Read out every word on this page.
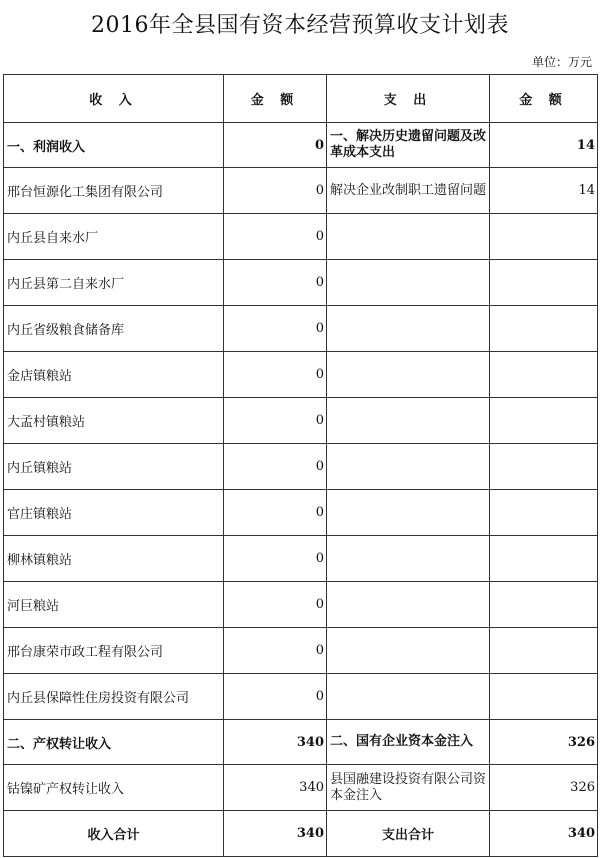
2016年全县国有资本经营预算收支计划表
单位：万元
收 入	金 额	支 出	金 额
一、利润收入	0	一、解决历史遗留问题及改革成本支出	14
邢台恒源化工集团有限公司	0	解决企业改制职工遗留问题	14
内丘县自来水厂	0		
内丘县第二自来水厂	0		
内丘省级粮食储备库	0		
金店镇粮站	0		
大孟村镇粮站	0		
内丘镇粮站	0		
官庄镇粮站	0		
柳林镇粮站	0		
河巨粮站	0		
邢台康荣市政工程有限公司	0		
内丘县保障性住房投资有限公司	0		
二、产权转让收入	340	二、国有企业资本金注入	326
钴镍矿产权转让收入	340	县国融建设投资有限公司资本金注入	326
收入合计	340	支出合计	340
